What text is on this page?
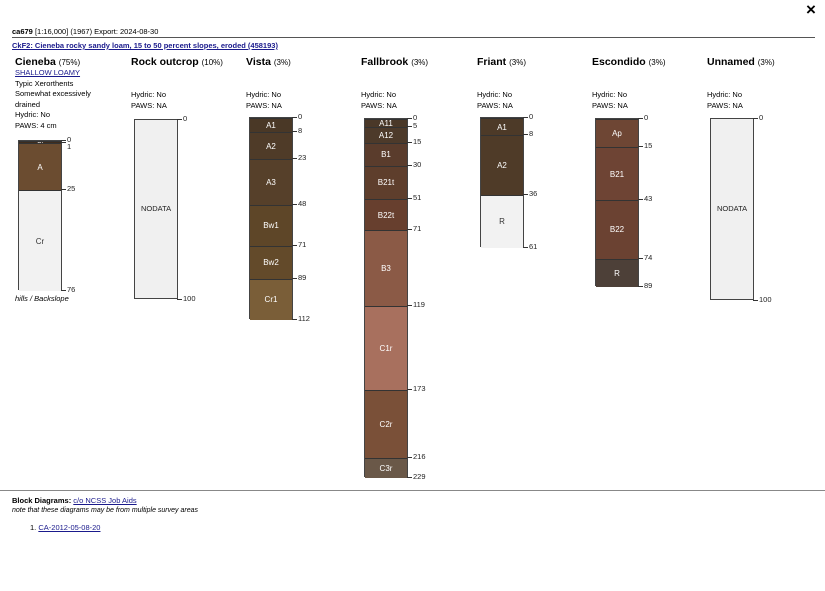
×
ca679 [1:16,000] (1967) Export: 2024-08-30
CkF2: Cieneba rocky sandy loam, 15 to 50 percent slopes, eroded (458193)
Cieneba (75%)
SHALLOW LOAMY
Typic Xerorthents
Somewhat excessively
drained
Hydric: No
PAWS: 4 cm

A
Cr
0
1
25
76
Rock outcrop (10%)
Hydric: No
PAWS: NA

NODATA
0
100
Vista (3%)
Hydric: No
PAWS: NA

A1
A2
A3
Bw1
Bw2
Cr1
0
8
23
48
71
89
112
Fallbrook (3%)
Hydric: No
PAWS: NA

A11
A12
B1
B21t
B22t
B3
C1r
C2r
C3r
0
5
15
30
51
71
119
173
216
229
Friant (3%)
Hydric: No
PAWS: NA

A1
A2
R
0
8
36
61
Escondido (3%)
Hydric: No
PAWS: NA

Ap
B21
B22
R
0
15
43
74
89
Unnamed (3%)
Hydric: No
PAWS: NA

NODATA
0
100
hills / Backslope
Block Diagrams: c/o NCSS Job Aids
note that these diagrams may be from multiple survey areas
1. CA-2012-05-08-20
